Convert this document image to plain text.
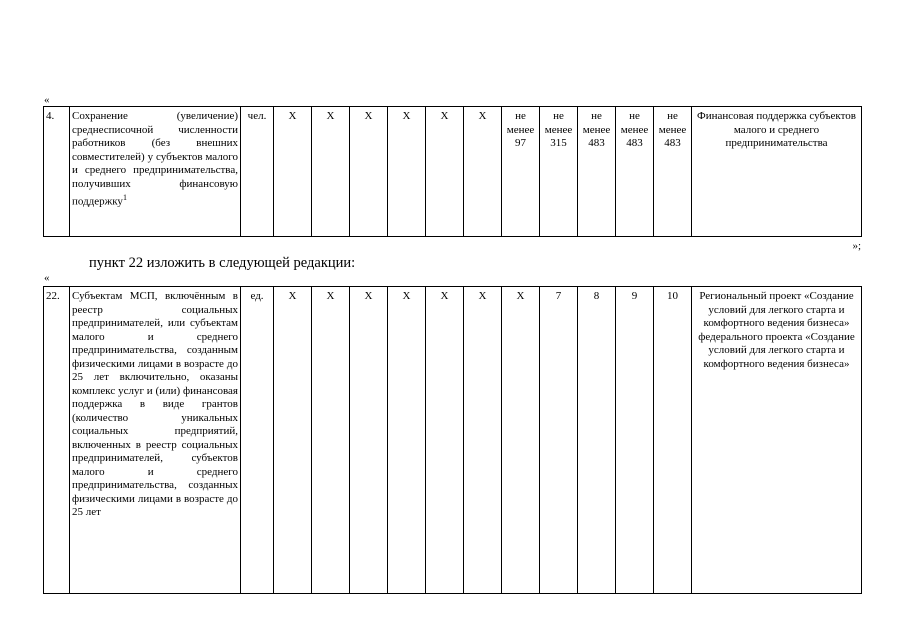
«
4.	Сохранение (увеличение) среднесписочной численности работников (без внешних совместителей) у субъектов малого и среднего предпринимательства, получивших финансовую поддержку$^1$	чел.	Х	Х	Х	Х	Х	Х	не менее 97	не менее 315	не менее 483	не менее 483	не менее 483	Финансовая поддержка субъектов малого и среднего предпринимательства
»;
пункт 22 изложить в следующей редакции:
«
22.	Субъектам МСП, включённым в реестр социальных предпринимателей, или субъектам малого и среднего предпринимательства, созданным физическими лицами в возрасте до 25 лет включительно, оказаны комплекс услуг и (или) финансовая поддержка в виде грантов (количество уникальных социальных предприятий, включенных в реестр социальных предпринимателей, субъектов малого и среднего предпринимательства, созданных физическими лицами в возрасте до 25 лет	ед.	Х	Х	Х	Х	Х	Х	Х	7	8	9	10	Региональный проект «Создание условий для легкого старта и комфортного ведения бизнеса» федерального проекта «Создание условий для легкого старта и комфортного ведения бизнеса»
